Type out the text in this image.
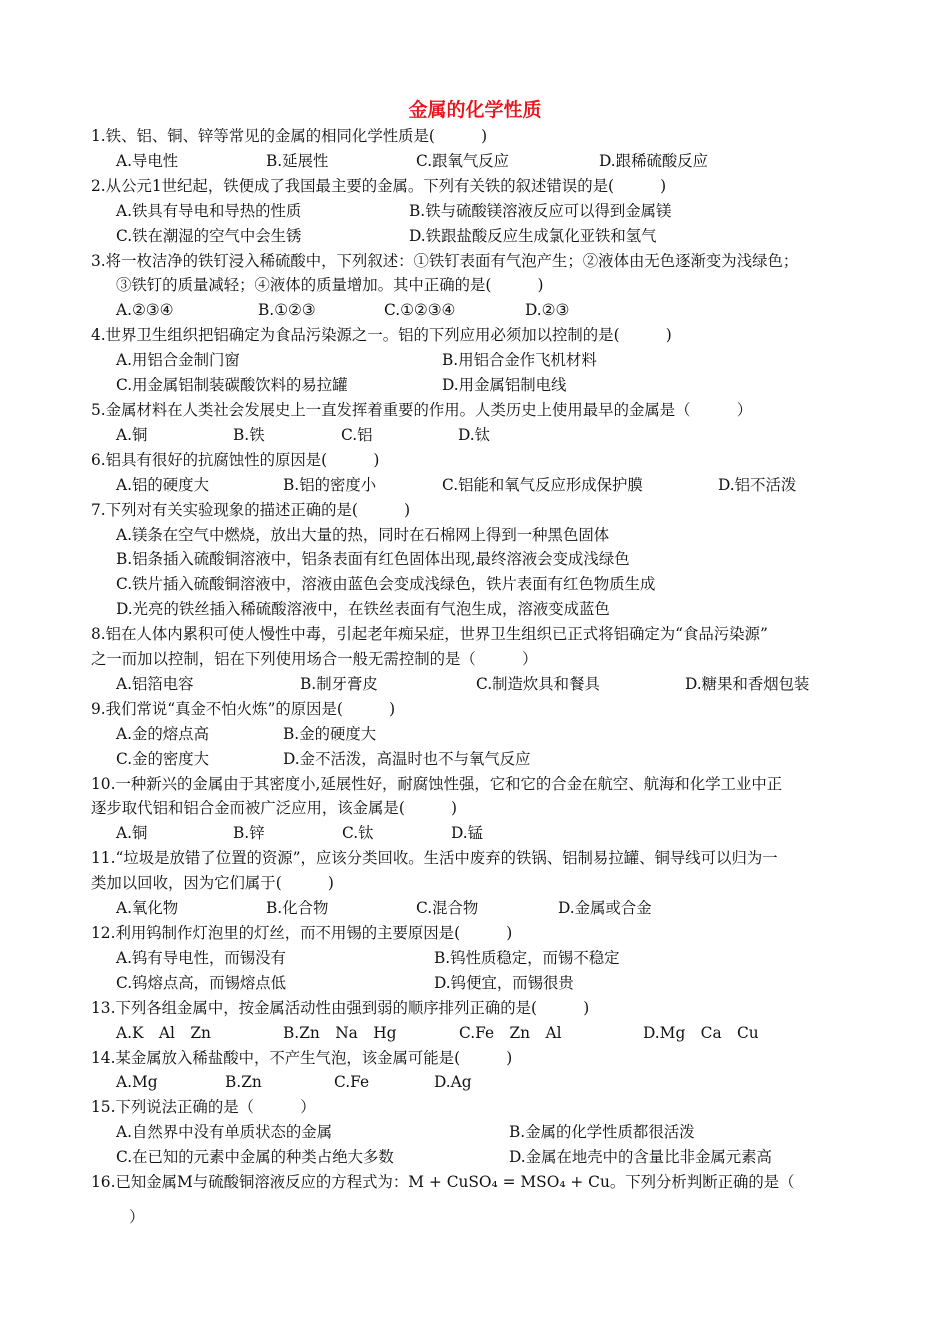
金属的化学性质
1.铁、铝、铜、锌等常见的金属的相同化学性质是(　　　)
A.导电性	B.延展性	C.跟氧气反应	D.跟稀硫酸反应
2.从公元1世纪起，铁便成了我国最主要的金属。下列有关铁的叙述错误的是(　　　)
A.铁具有导电和导热的性质	B.铁与硫酸镁溶液反应可以得到金属镁
C.铁在潮湿的空气中会生锈	D.铁跟盐酸反应生成氯化亚铁和氢气
3.将一枚洁净的铁钉浸入稀硫酸中，下列叙述：①铁钉表面有气泡产生；②液体由无色逐渐变为浅绿色；
③铁钉的质量减轻；④液体的质量增加。其中正确的是(　　　)
A.②③④	B.①②③	C.①②③④	D.②③
4.世界卫生组织把铝确定为食品污染源之一。铝的下列应用必须加以控制的是(　　　)
A.用铝合金制门窗	B.用铝合金作飞机材料
C.用金属铝制装碳酸饮料的易拉罐	D.用金属铝制电线
5.金属材料在人类社会发展史上一直发挥着重要的作用。人类历史上使用最早的金属是（　　　）
A.铜	B.铁	C.铝	D.钛
6.铝具有很好的抗腐蚀性的原因是(　　　)
A.铝的硬度大	B.铝的密度小	C.铝能和氧气反应形成保护膜	D.铝不活泼
7.下列对有关实验现象的描述正确的是(　　　)
A.镁条在空气中燃烧，放出大量的热，同时在石棉网上得到一种黑色固体
B.铝条插入硫酸铜溶液中，铝条表面有红色固体出现,最终溶液会变成浅绿色
C.铁片插入硫酸铜溶液中，溶液由蓝色会变成浅绿色，铁片表面有红色物质生成
D.光亮的铁丝插入稀硫酸溶液中，在铁丝表面有气泡生成，溶液变成蓝色
8.铝在人体内累积可使人慢性中毒，引起老年痴呆症，世界卫生组织已正式将铝确定为“食品污染源”
之一而加以控制，铝在下列使用场合一般无需控制的是（　　　）
A.铝箔电容	B.制牙膏皮	C.制造炊具和餐具	D.糖果和香烟包装
9.我们常说“真金不怕火炼”的原因是(　　　)
A.金的熔点高	B.金的硬度大
C.金的密度大	D.金不活泼，高温时也不与氧气反应
10.一种新兴的金属由于其密度小,延展性好，耐腐蚀性强，它和它的合金在航空、航海和化学工业中正
逐步取代铝和铝合金而被广泛应用，该金属是(　　　)
A.铜	B.锌	C.钛	D.锰
11.“垃圾是放错了位置的资源”，应该分类回收。生活中废弃的铁锅、铝制易拉罐、铜导线可以归为一
类加以回收，因为它们属于(　　　)
A.氧化物	B.化合物	C.混合物	D.金属或合金
12.利用钨制作灯泡里的灯丝，而不用锡的主要原因是(　　　)
A.钨有导电性，而锡没有	B.钨性质稳定，而锡不稳定
C.钨熔点高，而锡熔点低	D.钨便宜，而锡很贵
13.下列各组金属中，按金属活动性由强到弱的顺序排列正确的是(　　　)
A.K　Al　Zn	B.Zn　Na　Hg	C.Fe　Zn　Al	D.Mg　Ca　Cu
14.某金属放入稀盐酸中，不产生气泡，该金属可能是(　　　)
A.Mg	B.Zn	C.Fe	D.Ag
15.下列说法正确的是（　　　）
A.自然界中没有单质状态的金属	B.金属的化学性质都很活泼
C.在已知的元素中金属的种类占绝大多数	D.金属在地壳中的含量比非金属元素高
16.已知金属M与硫酸铜溶液反应的方程式为：M + CuSO₄ = MSO₄ + Cu。下列分析判断正确的是（
）
